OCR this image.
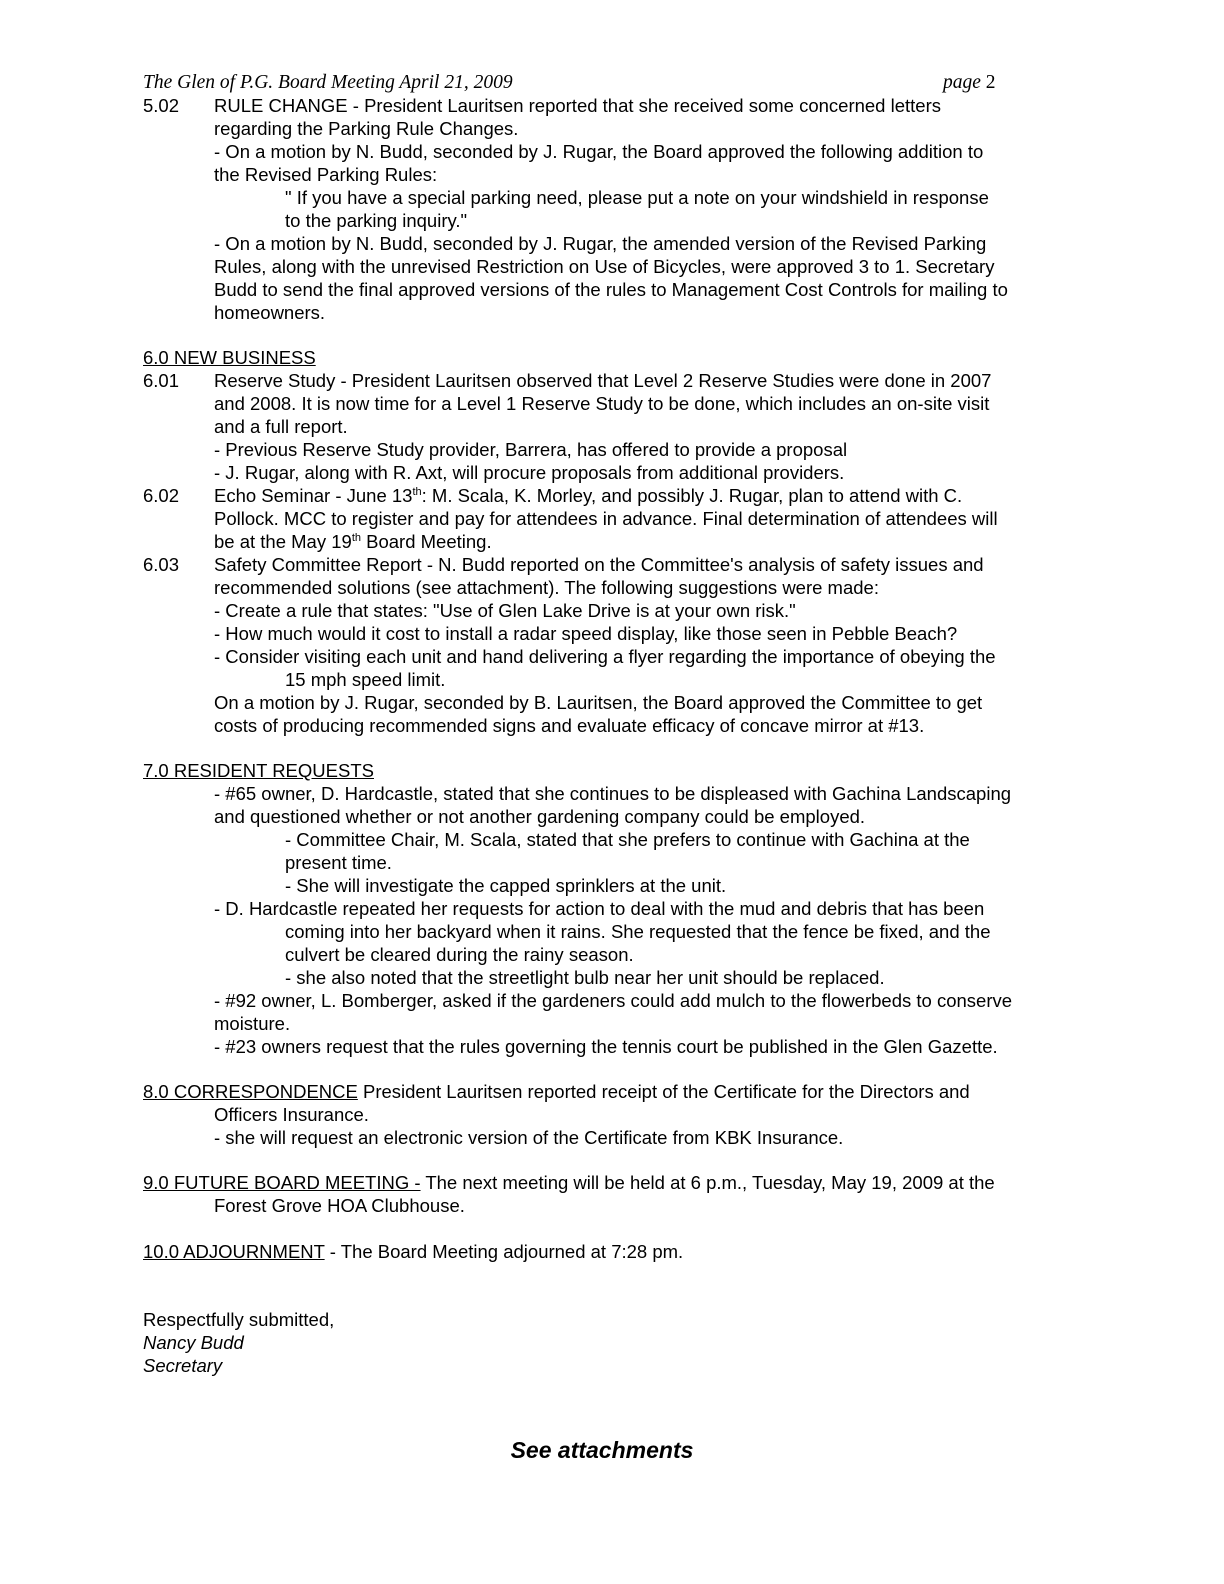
The Glen of P.G. Board Meeting April 21, 2009	page 2
5.02 RULE CHANGE - President Lauritsen reported that she received some concerned letters
regarding the Parking Rule Changes.
- On a motion by N. Budd, seconded by J. Rugar, the Board approved the following addition to
the Revised Parking Rules:
" If you have a special parking need, please put a note on your windshield in response
to the parking inquiry."
- On a motion by N. Budd, seconded by J. Rugar, the amended version of the Revised Parking
Rules, along with the unrevised Restriction on Use of Bicycles, were approved 3 to 1. Secretary
Budd to send the final approved versions of the rules to Management Cost Controls for mailing to
homeowners.
6.0 NEW BUSINESS
6.01 Reserve Study - President Lauritsen observed that Level 2 Reserve Studies were done in 2007
and 2008. It is now time for a Level 1 Reserve Study to be done, which includes an on-site visit
and a full report.
- Previous Reserve Study provider, Barrera, has offered to provide a proposal
- J. Rugar, along with R. Axt, will procure proposals from additional providers.
6.02 Echo Seminar - June 13th: M. Scala, K. Morley, and possibly J. Rugar, plan to attend with C.
Pollock. MCC to register and pay for attendees in advance. Final determination of attendees will
be at the May 19th Board Meeting.
6.03 Safety Committee Report - N. Budd reported on the Committee's analysis of safety issues and
recommended solutions (see attachment). The following suggestions were made:
- Create a rule that states: "Use of Glen Lake Drive is at your own risk."
- How much would it cost to install a radar speed display, like those seen in Pebble Beach?
- Consider visiting each unit and hand delivering a flyer regarding the importance of obeying the
15 mph speed limit.
On a motion by J. Rugar, seconded by B. Lauritsen, the Board approved the Committee to get
costs of producing recommended signs and evaluate efficacy of concave mirror at #13.
7.0 RESIDENT REQUESTS
- #65 owner, D. Hardcastle, stated that she continues to be displeased with Gachina Landscaping
and questioned whether or not another gardening company could be employed.
- Committee Chair, M. Scala, stated that she prefers to continue with Gachina at the
present time.
- She will investigate the capped sprinklers at the unit.
- D. Hardcastle repeated her requests for action to deal with the mud and debris that has been
coming into her backyard when it rains. She requested that the fence be fixed, and the
culvert be cleared during the rainy season.
- she also noted that the streetlight bulb near her unit should be replaced.
- #92 owner, L. Bomberger, asked if the gardeners could add mulch to the flowerbeds to conserve
moisture.
- #23 owners request that the rules governing the tennis court be published in the Glen Gazette.
8.0 CORRESPONDENCE President Lauritsen reported receipt of the Certificate for the Directors and
Officers Insurance.
- she will request an electronic version of the Certificate from KBK Insurance.
9.0 FUTURE BOARD MEETING - The next meeting will be held at 6 p.m., Tuesday, May 19, 2009 at the
Forest Grove HOA Clubhouse.
10.0 ADJOURNMENT - The Board Meeting adjourned at 7:28 pm.
Respectfully submitted,
Nancy Budd
Secretary
See attachments
